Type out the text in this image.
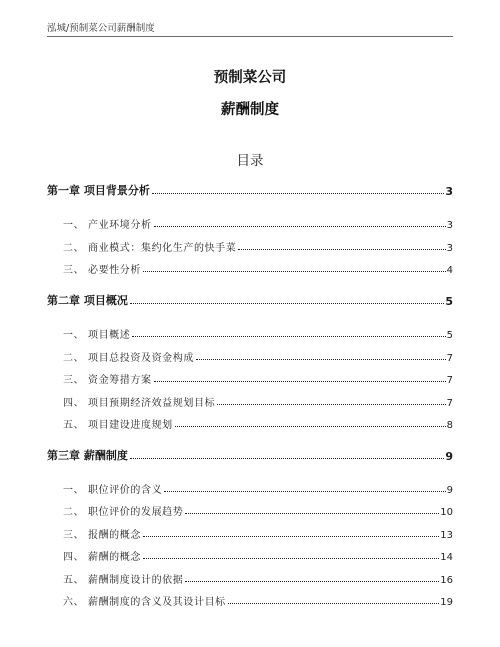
泓城/预制菜公司薪酬制度
预制菜公司
薪酬制度
目录
第一章 项目背景分析	3
一、 产业环境分析	3
二、 商业模式：集约化生产的快手菜	3
三、 必要性分析	4
第二章 项目概况	5
一、 项目概述	5
二、 项目总投资及资金构成	7
三、 资金筹措方案	7
四、 项目预期经济效益规划目标	7
五、 项目建设进度规划	8
第三章 薪酬制度	9
一、 职位评价的含义	9
二、 职位评价的发展趋势	10
三、 报酬的概念	13
四、 薪酬的概念	14
五、 薪酬制度设计的依据	16
六、 薪酬制度的含义及其设计目标	19
